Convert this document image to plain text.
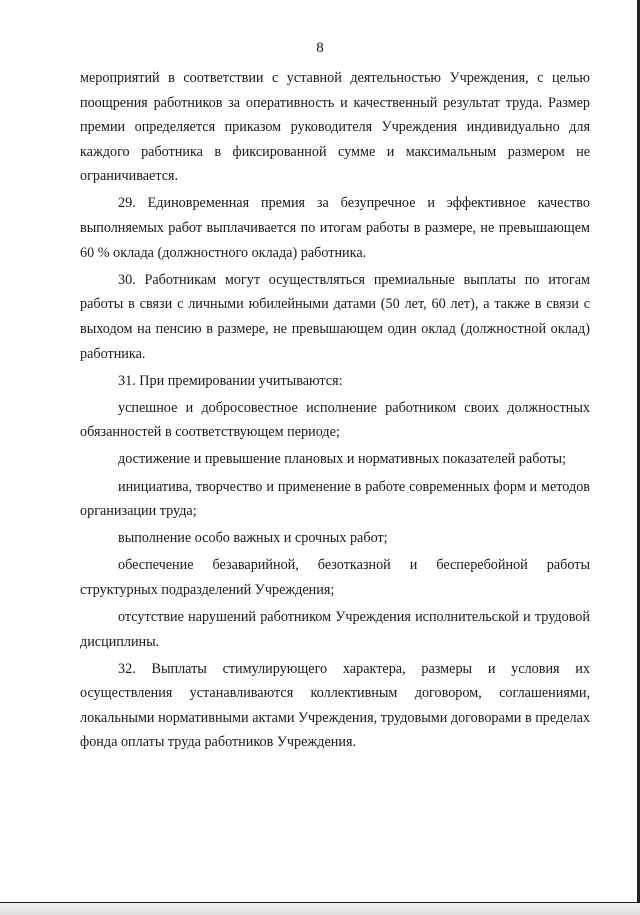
8

мероприятий в соответствии с уставной деятельностью Учреждения, с целью поощрения работников за оперативность и качественный результат труда. Размер премии определяется приказом руководителя Учреждения индивидуально для каждого работника в фиксированной сумме и максимальным размером не ограничивается.

29. Единовременная премия за безупречное и эффективное качество выполняемых работ выплачивается по итогам работы в размере, не превышающем 60 % оклада (должностного оклада) работника.

30. Работникам могут осуществляться премиальные выплаты по итогам работы в связи с личными юбилейными датами (50 лет, 60 лет), а также в связи с выходом на пенсию в размере, не превышающем один оклад (должностной оклад) работника.

31. При премировании учитываются:

успешное и добросовестное исполнение работником своих должностных обязанностей в соответствующем периоде;

достижение и превышение плановых и нормативных показателей работы;

инициатива, творчество и применение в работе современных форм и методов организации труда;

выполнение особо важных и срочных работ;

обеспечение безаварийной, безотказной и бесперебойной работы структурных подразделений Учреждения;

отсутствие нарушений работником Учреждения исполнительской и трудовой дисциплины.

32. Выплаты стимулирующего характера, размеры и условия их осуществления устанавливаются коллективным договором, соглашениями, локальными нормативными актами Учреждения, трудовыми договорами в пределах фонда оплаты труда работников Учреждения.
